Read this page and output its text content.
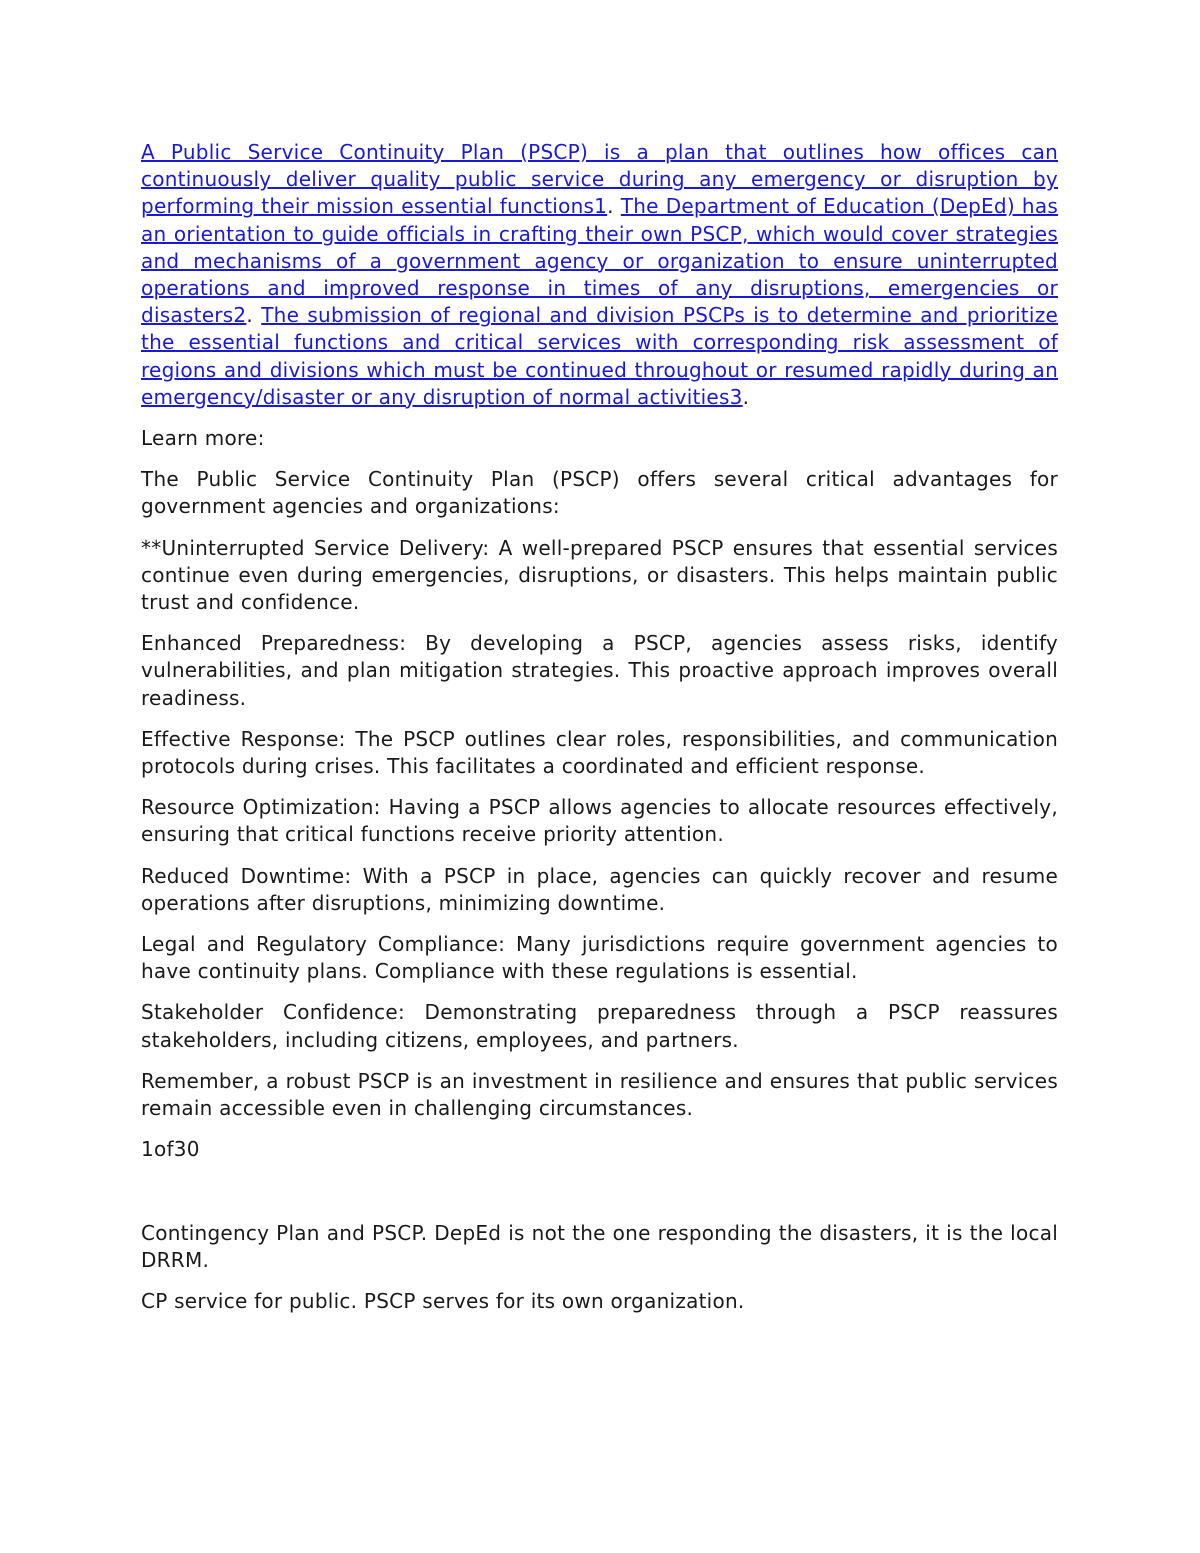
A Public Service Continuity Plan (PSCP) is a plan that outlines how offices can continuously deliver quality public service during any emergency or disruption by performing their mission essential functions1. The Department of Education (DepEd) has an orientation to guide officials in crafting their own PSCP, which would cover strategies and mechanisms of a government agency or organization to ensure uninterrupted operations and improved response in times of any disruptions, emergencies or disasters2. The submission of regional and division PSCPs is to determine and prioritize the essential functions and critical services with corresponding risk assessment of regions and divisions which must be continued throughout or resumed rapidly during an emergency/disaster or any disruption of normal activities3.

Learn more:

The Public Service Continuity Plan (PSCP) offers several critical advantages for government agencies and organizations:

**Uninterrupted Service Delivery: A well-prepared PSCP ensures that essential services continue even during emergencies, disruptions, or disasters. This helps maintain public trust and confidence.

Enhanced Preparedness: By developing a PSCP, agencies assess risks, identify vulnerabilities, and plan mitigation strategies. This proactive approach improves overall readiness.

Effective Response: The PSCP outlines clear roles, responsibilities, and communication protocols during crises. This facilitates a coordinated and efficient response.

Resource Optimization: Having a PSCP allows agencies to allocate resources effectively, ensuring that critical functions receive priority attention.

Reduced Downtime: With a PSCP in place, agencies can quickly recover and resume operations after disruptions, minimizing downtime.

Legal and Regulatory Compliance: Many jurisdictions require government agencies to have continuity plans. Compliance with these regulations is essential.

Stakeholder Confidence: Demonstrating preparedness through a PSCP reassures stakeholders, including citizens, employees, and partners.

Remember, a robust PSCP is an investment in resilience and ensures that public services remain accessible even in challenging circumstances.

1of30

Contingency Plan and PSCP. DepEd is not the one responding the disasters, it is the local DRRM.

CP service for public. PSCP serves for its own organization.
